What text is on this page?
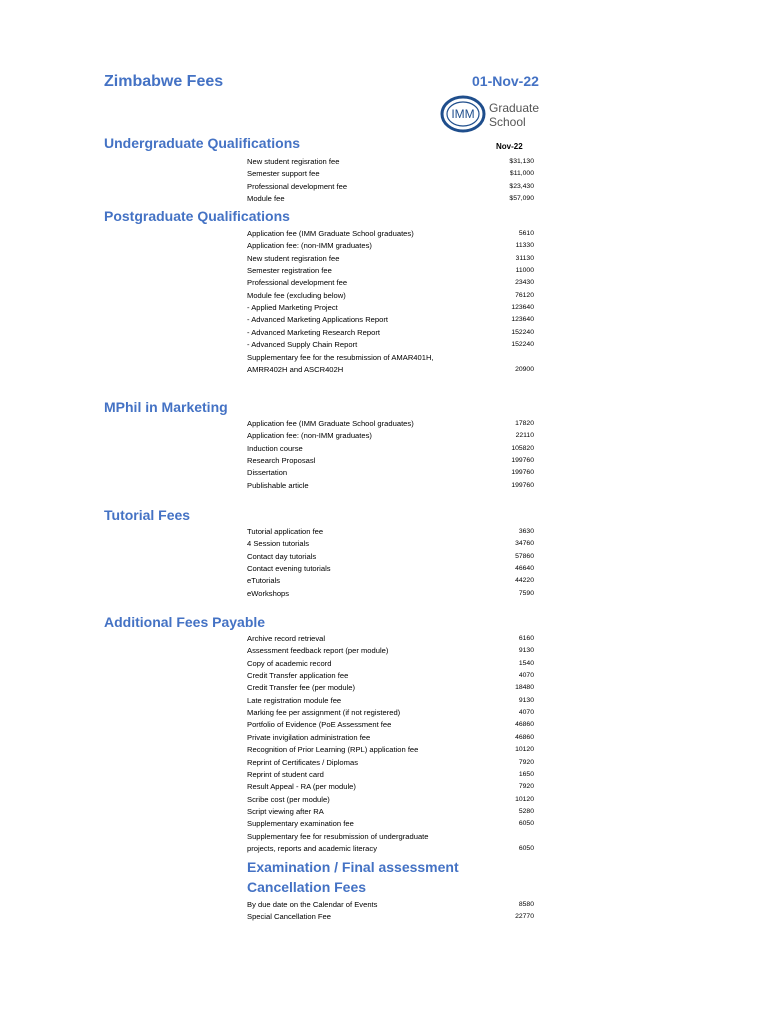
Zimbabwe Fees	01-Nov-22
IMM Graduate
School
Nov-22
Undergraduate Qualifications
New student regisration fee	$31,130
Semester support fee	$11,000
Professional development fee	$23,430
Module fee	$57,090
Postgraduate Qualifications
Application fee (IMM Graduate School graduates)	5610
Application fee: (non-IMM graduates)	11330
New student regisration fee	31130
Semester registration fee	11000
Professional development fee	23430
Module fee (excluding below)	76120
- Applied Marketing Project	123640
- Advanced Marketing Applications Report	123640
- Advanced Marketing Research Report	152240
- Advanced Supply Chain Report	152240
Supplementary fee for the resubmission of AMAR401H,
AMRR402H and ASCR402H	20900
MPhil in Marketing
Application fee (IMM Graduate School graduates)	17820
Application fee: (non-IMM graduates)	22110
Induction course	105820
Research Proposasl	199760
Dissertation	199760
Publishable article	199760
Tutorial Fees
Tutorial application fee	3630
4 Session tutorials	34760
Contact day tutorials	57860
Contact evening tutorials	46640
eTutorials	44220
eWorkshops	7590
Additional Fees Payable
Archive record retrieval	6160
Assessment feedback report (per module)	9130
Copy of academic record	1540
Credit Transfer application fee	4070
Credit Transfer fee (per module)	18480
Late registration module fee	9130
Marking fee per assignment (if not registered)	4070
Portfolio of Evidence (PoE Assessment fee	46860
Private invigilation administration fee	46860
Recognition of Prior Learning (RPL) application fee	10120
Reprint of Certificates / Diplomas	7920
Reprint of student card	1650
Result Appeal - RA (per module)	7920
Scribe cost (per module)	10120
Script viewing after RA	5280
Supplementary examination fee	6050
Supplementary fee for resubmission of undergraduate
projects, reports and academic literacy	6050
Examination / Final assessment
Cancellation Fees
By due date on the Calendar of Events	8580
Special Cancellation Fee	22770
